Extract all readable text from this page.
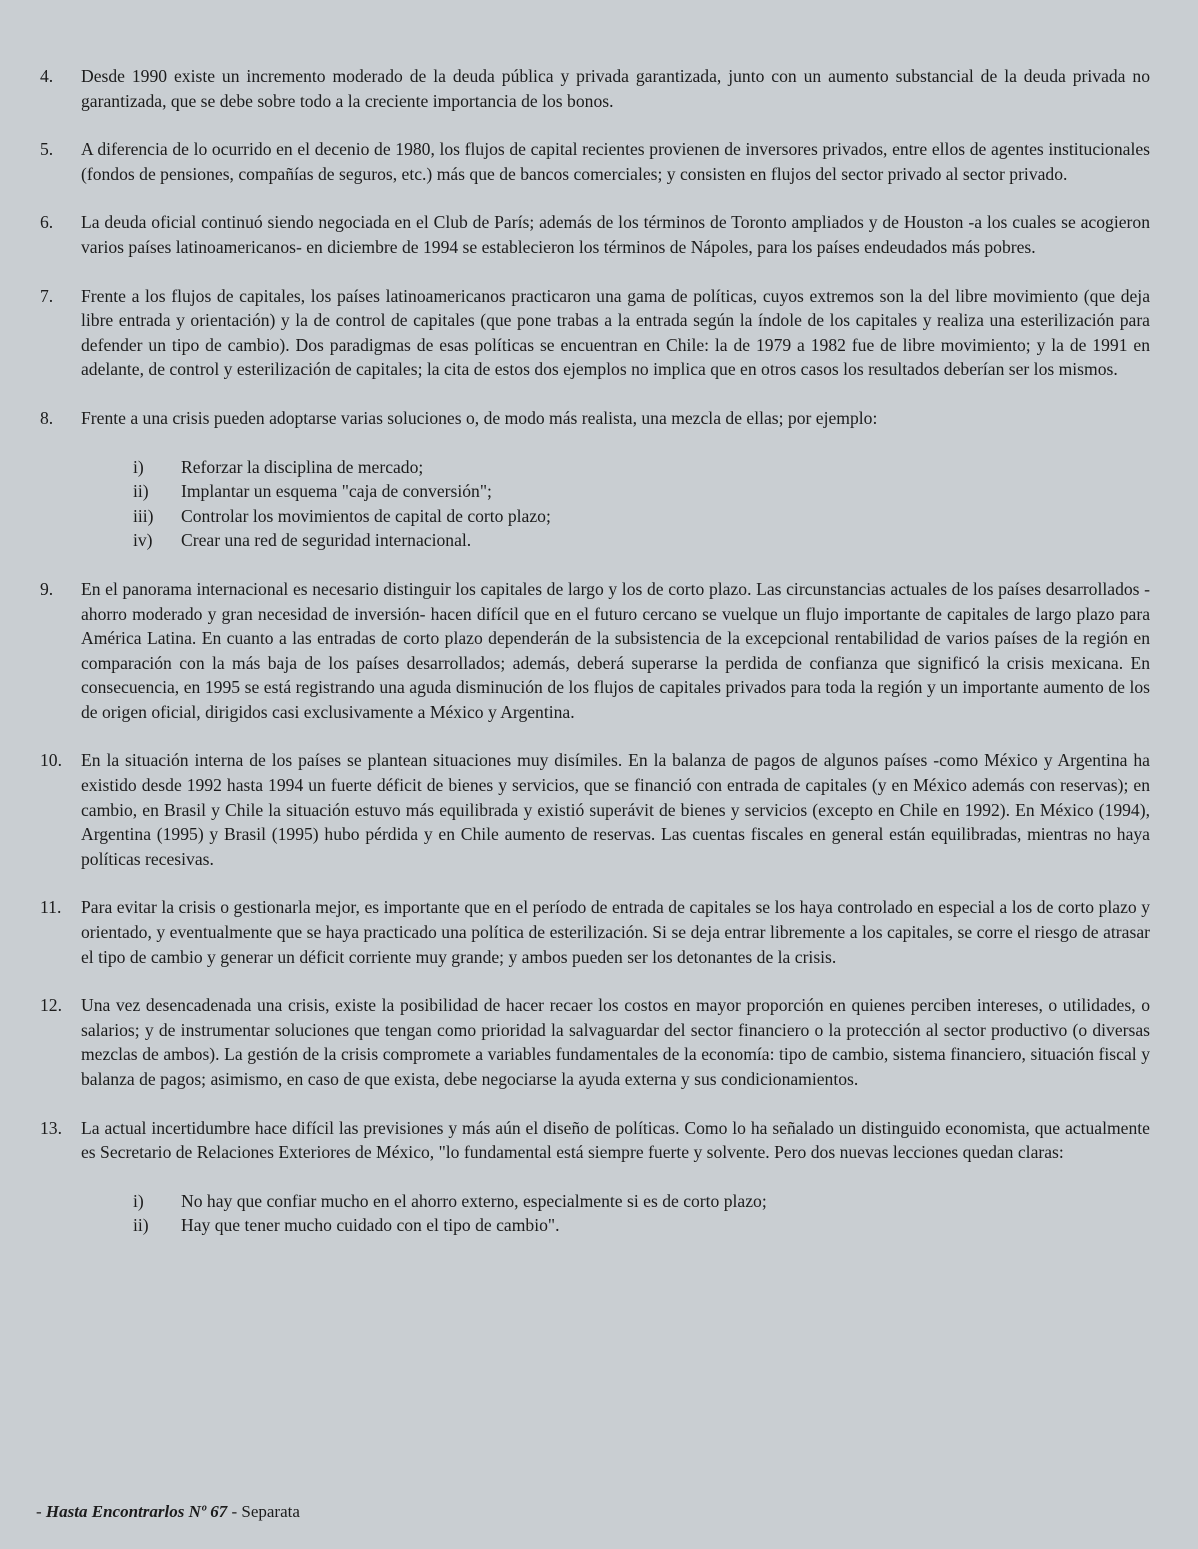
4.	Desde 1990 existe un incremento moderado de la deuda pública y privada garantizada, junto con un aumento substancial de la deuda privada no garantizada, que se debe sobre todo a la creciente importancia de los bonos.
5.	A diferencia de lo ocurrido en el decenio de 1980, los flujos de capital recientes provienen de inversores privados, entre ellos de agentes institucionales (fondos de pensiones, compañías de seguros, etc.) más que de bancos comerciales; y consisten en flujos del sector privado al sector privado.
6.	La deuda oficial continuó siendo negociada en el Club de París; además de los términos de Toronto ampliados y de Houston -a los cuales se acogieron varios países latinoamericanos- en diciembre de 1994 se establecieron los términos de Nápoles, para los países endeudados más pobres.
7.	Frente a los flujos de capitales, los países latinoamericanos practicaron una gama de políticas, cuyos extremos son la del libre movimiento (que deja libre entrada y orientación) y la de control de capitales (que pone trabas a la entrada según la índole de los capitales y realiza una esterilización para defender un tipo de cambio). Dos paradigmas de esas políticas se encuentran en Chile: la de 1979 a 1982 fue de libre movimiento; y la de 1991 en adelante, de control y esterilización de capitales; la cita de estos dos ejemplos no implica que en otros casos los resultados deberían ser los mismos.
8.	Frente a una crisis pueden adoptarse varias soluciones o, de modo más realista, una mezcla de ellas; por ejemplo:
i) Reforzar la disciplina de mercado;
ii) Implantar un esquema "caja de conversión";
iii) Controlar los movimientos de capital de corto plazo;
iv) Crear una red de seguridad internacional.
9.	En el panorama internacional es necesario distinguir los capitales de largo y los de corto plazo. Las circunstancias actuales de los países desarrollados -ahorro moderado y gran necesidad de inversión- hacen difícil que en el futuro cercano se vuelque un flujo importante de capitales de largo plazo para América Latina. En cuanto a las entradas de corto plazo dependerán de la subsistencia de la excepcional rentabilidad de varios países de la región en comparación con la más baja de los países desarrollados; además, deberá superarse la perdida de confianza que significó la crisis mexicana. En consecuencia, en 1995 se está registrando una aguda disminución de los flujos de capitales privados para toda la región y un importante aumento de los de origen oficial, dirigidos casi exclusivamente a México y Argentina.
10.	En la situación interna de los países se plantean situaciones muy disímiles. En la balanza de pagos de algunos países -como México y Argentina ha existido desde 1992 hasta 1994 un fuerte déficit de bienes y servicios, que se financió con entrada de capitales (y en México además con reservas); en cambio, en Brasil y Chile la situación estuvo más equilibrada y existió superávit de bienes y servicios (excepto en Chile en 1992). En México (1994), Argentina (1995) y Brasil (1995) hubo pérdida y en Chile aumento de reservas. Las cuentas fiscales en general están equilibradas, mientras no haya políticas recesivas.
11.	Para evitar la crisis o gestionarla mejor, es importante que en el período de entrada de capitales se los haya controlado en especial a los de corto plazo y orientado, y eventualmente que se haya practicado una política de esterilización. Si se deja entrar libremente a los capitales, se corre el riesgo de atrasar el tipo de cambio y generar un déficit corriente muy grande; y ambos pueden ser los detonantes de la crisis.
12.	Una vez desencadenada una crisis, existe la posibilidad de hacer recaer los costos en mayor proporción en quienes perciben intereses, o utilidades, o salarios; y de instrumentar soluciones que tengan como prioridad la salvaguardar del sector financiero o la protección al sector productivo (o diversas mezclas de ambos). La gestión de la crisis compromete a variables fundamentales de la economía: tipo de cambio, sistema financiero, situación fiscal y balanza de pagos; asimismo, en caso de que exista, debe negociarse la ayuda externa y sus condicionamientos.
13.	La actual incertidumbre hace difícil las previsiones y más aún el diseño de políticas. Como lo ha señalado un distinguido economista, que actualmente es Secretario de Relaciones Exteriores de México, "lo fundamental está siempre fuerte y solvente. Pero dos nuevas lecciones quedan claras:
i) No hay que confiar mucho en el ahorro externo, especialmente si es de corto plazo;
ii) Hay que tener mucho cuidado con el tipo de cambio".
- Hasta Encontrarlos Nº 67 - Separata
